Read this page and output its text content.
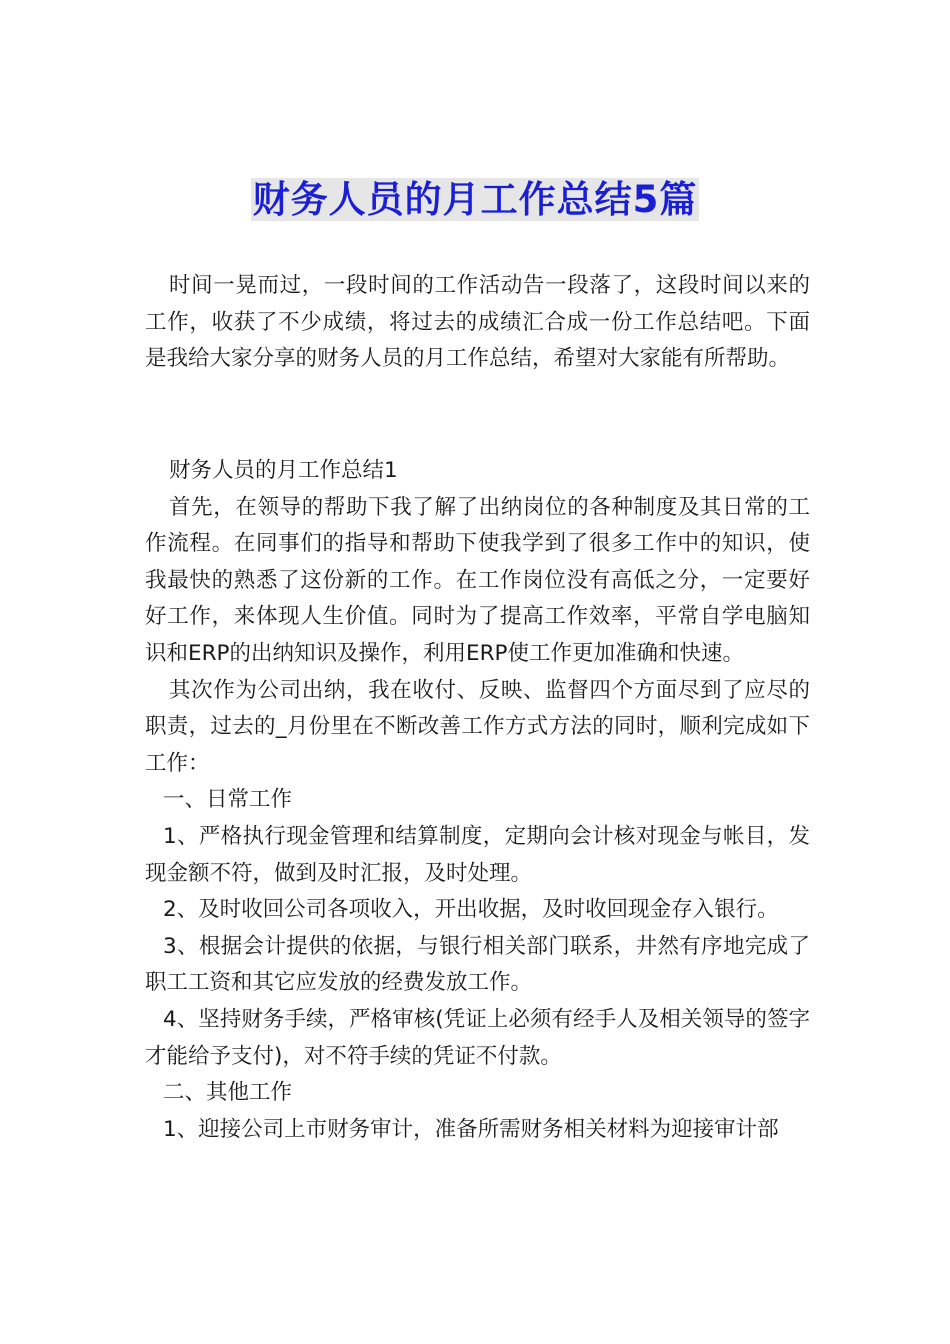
财务人员的月工作总结5篇

时间一晃而过，一段时间的工作活动告一段落了，这段时间以来的工作，收获了不少成绩，将过去的成绩汇合成一份工作总结吧。下面是我给大家分享的财务人员的月工作总结，希望对大家能有所帮助。

财务人员的月工作总结1

首先，在领导的帮助下我了解了出纳岗位的各种制度及其日常的工作流程。在同事们的指导和帮助下使我学到了很多工作中的知识，使我最快的熟悉了这份新的工作。在工作岗位没有高低之分，一定要好好工作，来体现人生价值。同时为了提高工作效率，平常自学电脑知识和ERP的出纳知识及操作，利用ERP使工作更加准确和快速。

其次作为公司出纳，我在收付、反映、监督四个方面尽到了应尽的职责，过去的_月份里在不断改善工作方式方法的同时，顺利完成如下工作：

一、日常工作

1、严格执行现金管理和结算制度，定期向会计核对现金与帐目，发现金额不符，做到及时汇报，及时处理。

2、及时收回公司各项收入，开出收据，及时收回现金存入银行。

3、根据会计提供的依据，与银行相关部门联系，井然有序地完成了职工工资和其它应发放的经费发放工作。

4、坚持财务手续，严格审核(凭证上必须有经手人及相关领导的签字才能给予支付)，对不符手续的凭证不付款。

二、其他工作

1、迎接公司上市财务审计，准备所需财务相关材料为迎接审计部
